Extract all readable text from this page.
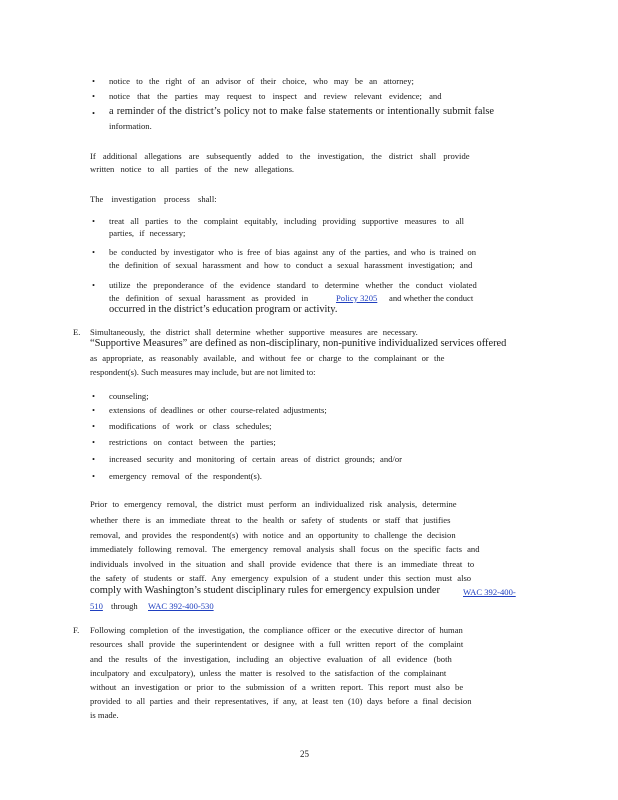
• notice to the right of an advisor of their choice, who may be an attorney;
• notice that the parties may request to inspect and review relevant evidence; and
• a reminder of the district’s policy not to make false statements or intentionally submit false
information.
If additional allegations are subsequently added to the investigation, the district shall provide
written notice to all parties of the new allegations.
The investigation process shall:
• treat all parties to the complaint equitably, including providing supportive measures to all
parties, if necessary;
• be conducted by investigator who is free of bias against any of the parties, and who is trained on
the definition of sexual harassment and how to conduct a sexual harassment investigation; and
• utilize the preponderance of the evidence standard to determine whether the conduct violated
the definition of sexual harassment as provided in	Policy 3205 and whether the conduct
occurred in the district’s education program or activity.
E. Simultaneously, the district shall determine whether supportive measures are necessary.
“Supportive Measures” are defined as non-disciplinary, non-punitive individualized services offered
as appropriate, as reasonably available, and without fee or charge to the complainant or the
respondent(s). Such measures may include, but are not limited to:
• counseling;
• extensions of deadlines or other course-related adjustments;
• modifications of work or class schedules;
• restrictions on contact between the parties;
• increased security and monitoring of certain areas of district grounds; and/or
• emergency removal of the respondent(s).
Prior to emergency removal, the district must perform an individualized risk analysis, determine
whether there is an immediate threat to the health or safety of students or staff that justifies
removal, and provides the respondent(s) with notice and an opportunity to challenge the decision
immediately following removal. The emergency removal analysis shall focus on the specific facts and
individuals involved in the situation and shall provide evidence that there is an immediate threat to
the safety of students or staff. Any emergency expulsion of a student under this section must also
comply with Washington’s student disciplinary rules for emergency expulsion under	WAC 392-400-
510 through WAC 392-400-530
F. Following completion of the investigation, the compliance officer or the executive director of human
resources shall provide the superintendent or designee with a full written report of the complaint
and the results of the investigation, including an objective evaluation of all evidence (both
inculpatory and exculpatory), unless the matter is resolved to the satisfaction of the complainant
without an investigation or prior to the submission of a written report. This report must also be
provided to all parties and their representatives, if any, at least ten (10) days before a final decision
is made.
25
